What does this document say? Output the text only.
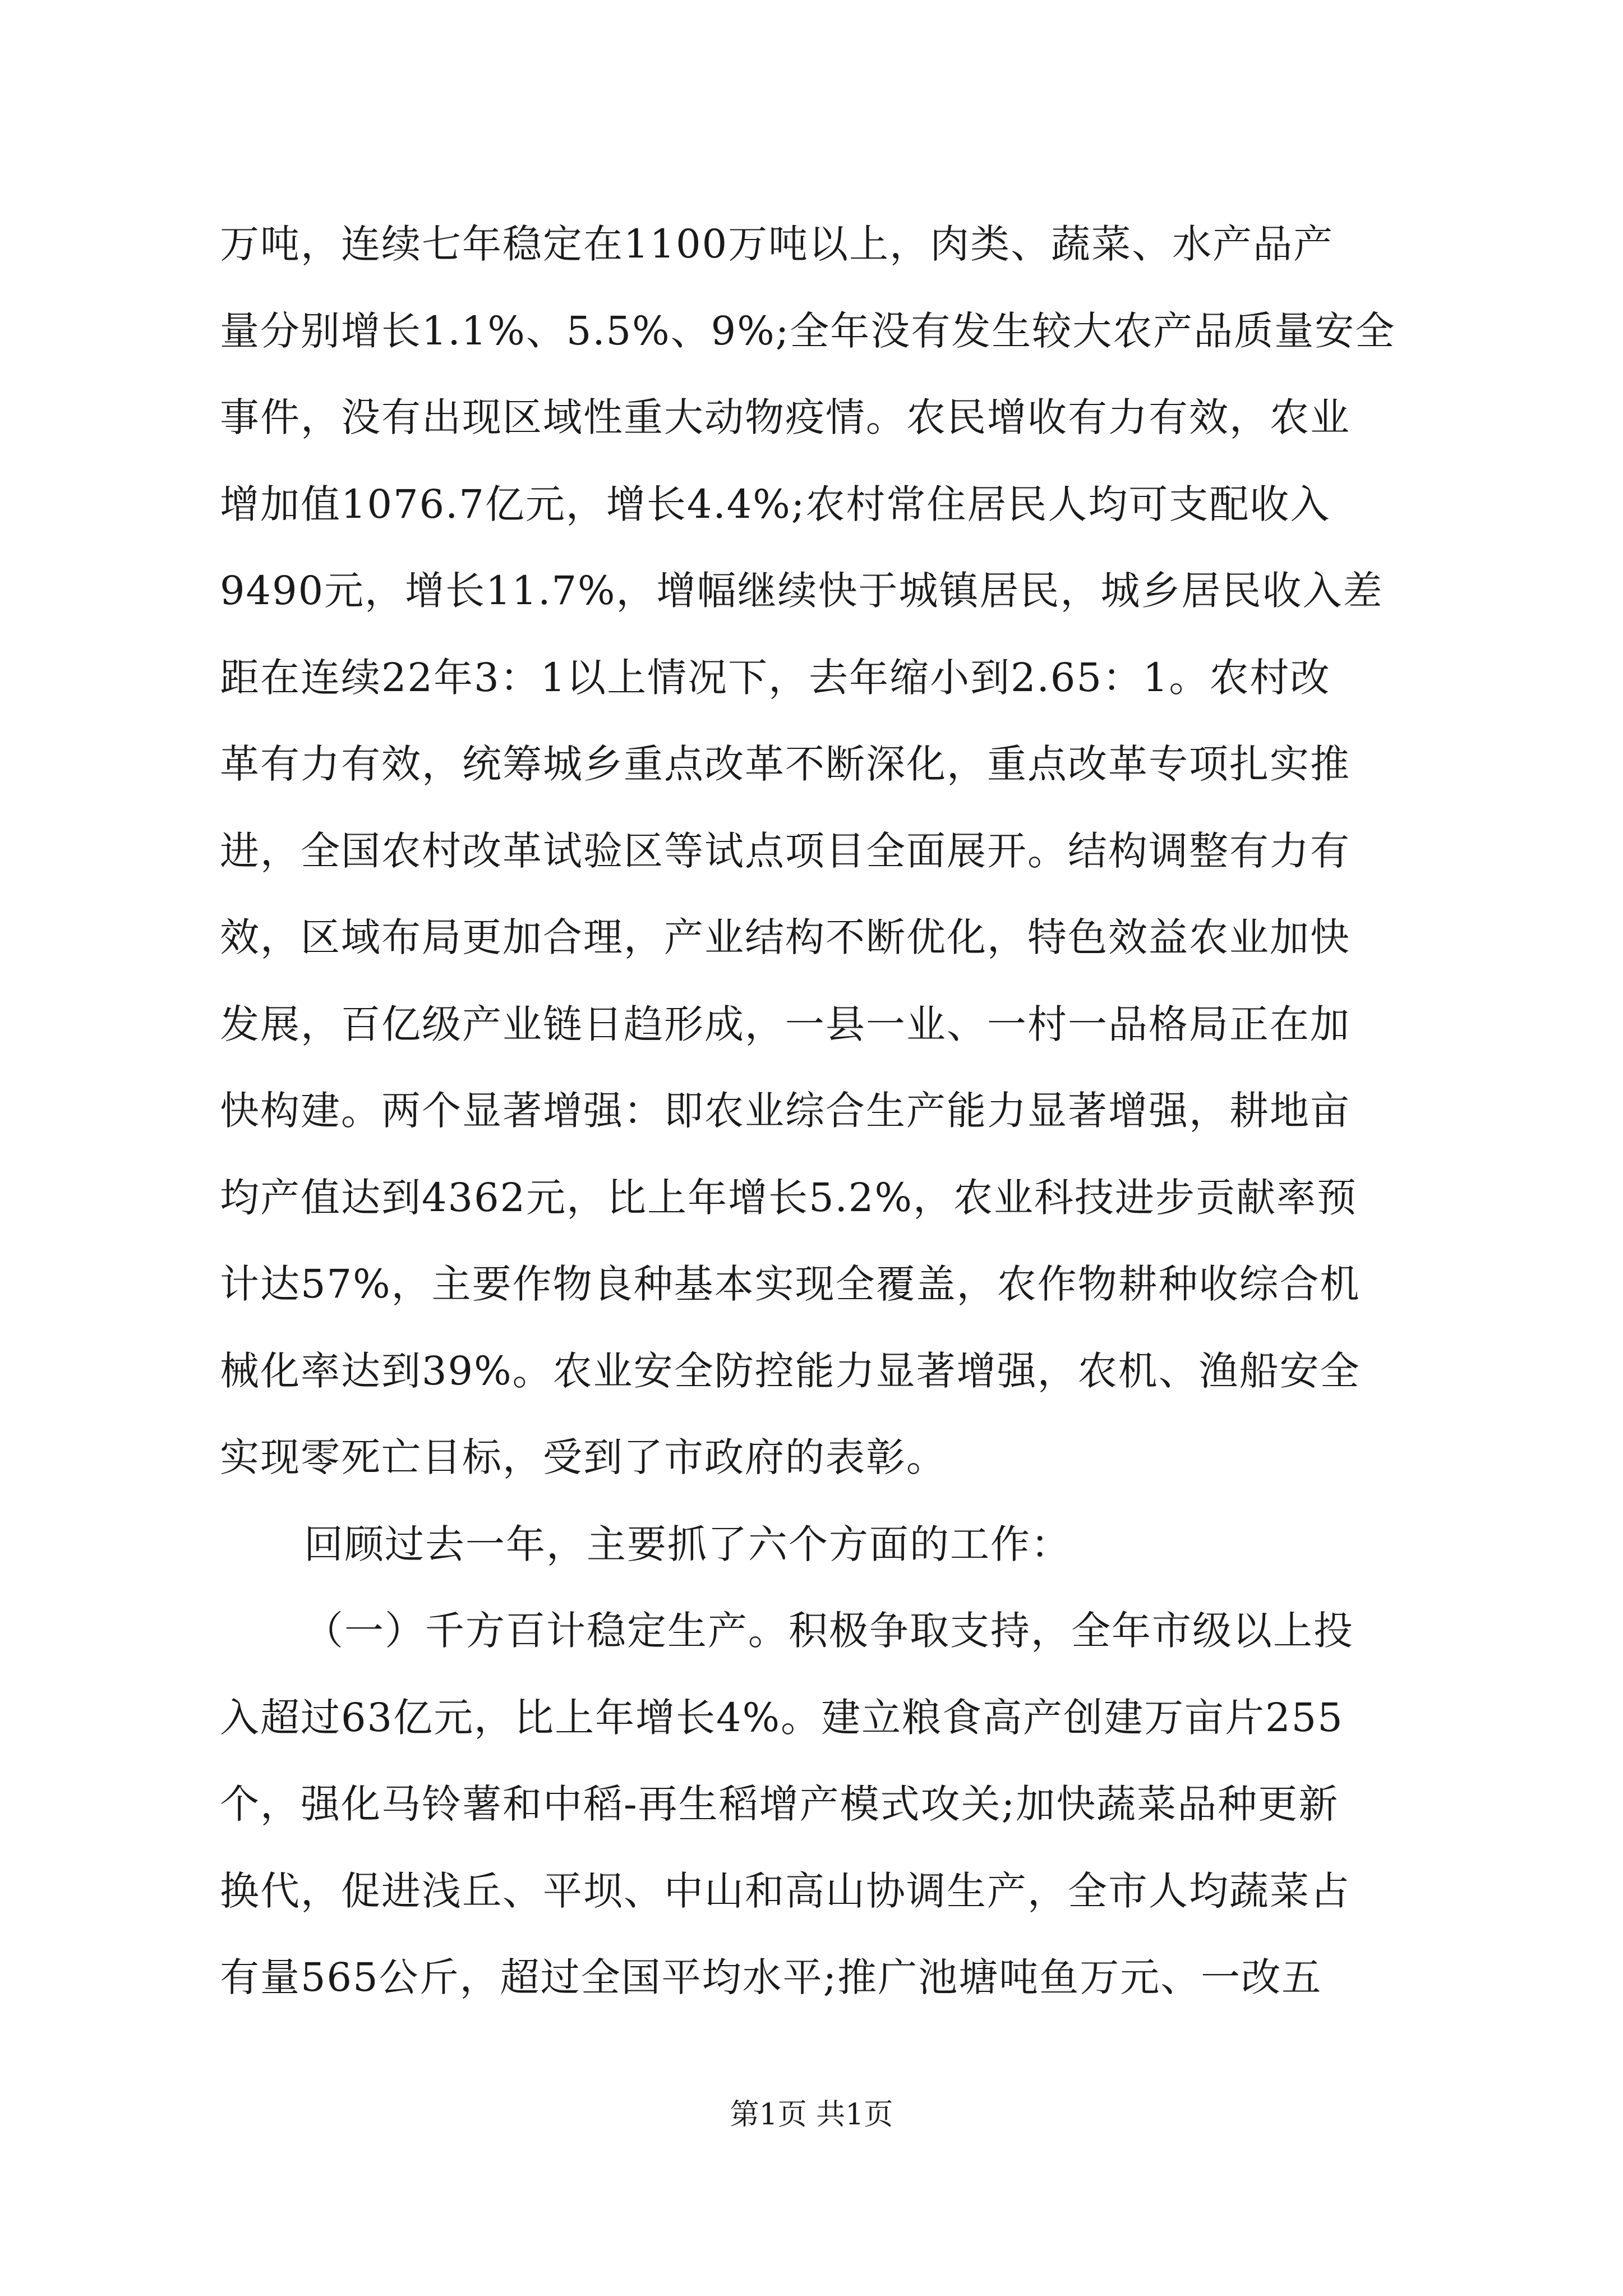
万吨，连续七年稳定在1100万吨以上，肉类、蔬菜、水产品产
量分别增长1.1%、5.5%、9%;全年没有发生较大农产品质量安全
事件，没有出现区域性重大动物疫情。农民增收有力有效，农业
增加值1076.7亿元，增长4.4%;农村常住居民人均可支配收入
9490元，增长11.7%，增幅继续快于城镇居民，城乡居民收入差
距在连续22年3：1以上情况下，去年缩小到2.65：1。农村改
革有力有效，统筹城乡重点改革不断深化，重点改革专项扎实推
进，全国农村改革试验区等试点项目全面展开。结构调整有力有
效，区域布局更加合理，产业结构不断优化，特色效益农业加快
发展，百亿级产业链日趋形成，一县一业、一村一品格局正在加
快构建。两个显著增强：即农业综合生产能力显著增强，耕地亩
均产值达到4362元，比上年增长5.2%，农业科技进步贡献率预
计达57%，主要作物良种基本实现全覆盖，农作物耕种收综合机
械化率达到39%。农业安全防控能力显著增强，农机、渔船安全
实现零死亡目标，受到了市政府的表彰。
回顾过去一年，主要抓了六个方面的工作：
（一）千方百计稳定生产。积极争取支持，全年市级以上投
入超过63亿元，比上年增长4%。建立粮食高产创建万亩片255
个，强化马铃薯和中稻-再生稻增产模式攻关;加快蔬菜品种更新
换代，促进浅丘、平坝、中山和高山协调生产，全市人均蔬菜占
有量565公斤，超过全国平均水平;推广池塘吨鱼万元、一改五
第1页 共1页
